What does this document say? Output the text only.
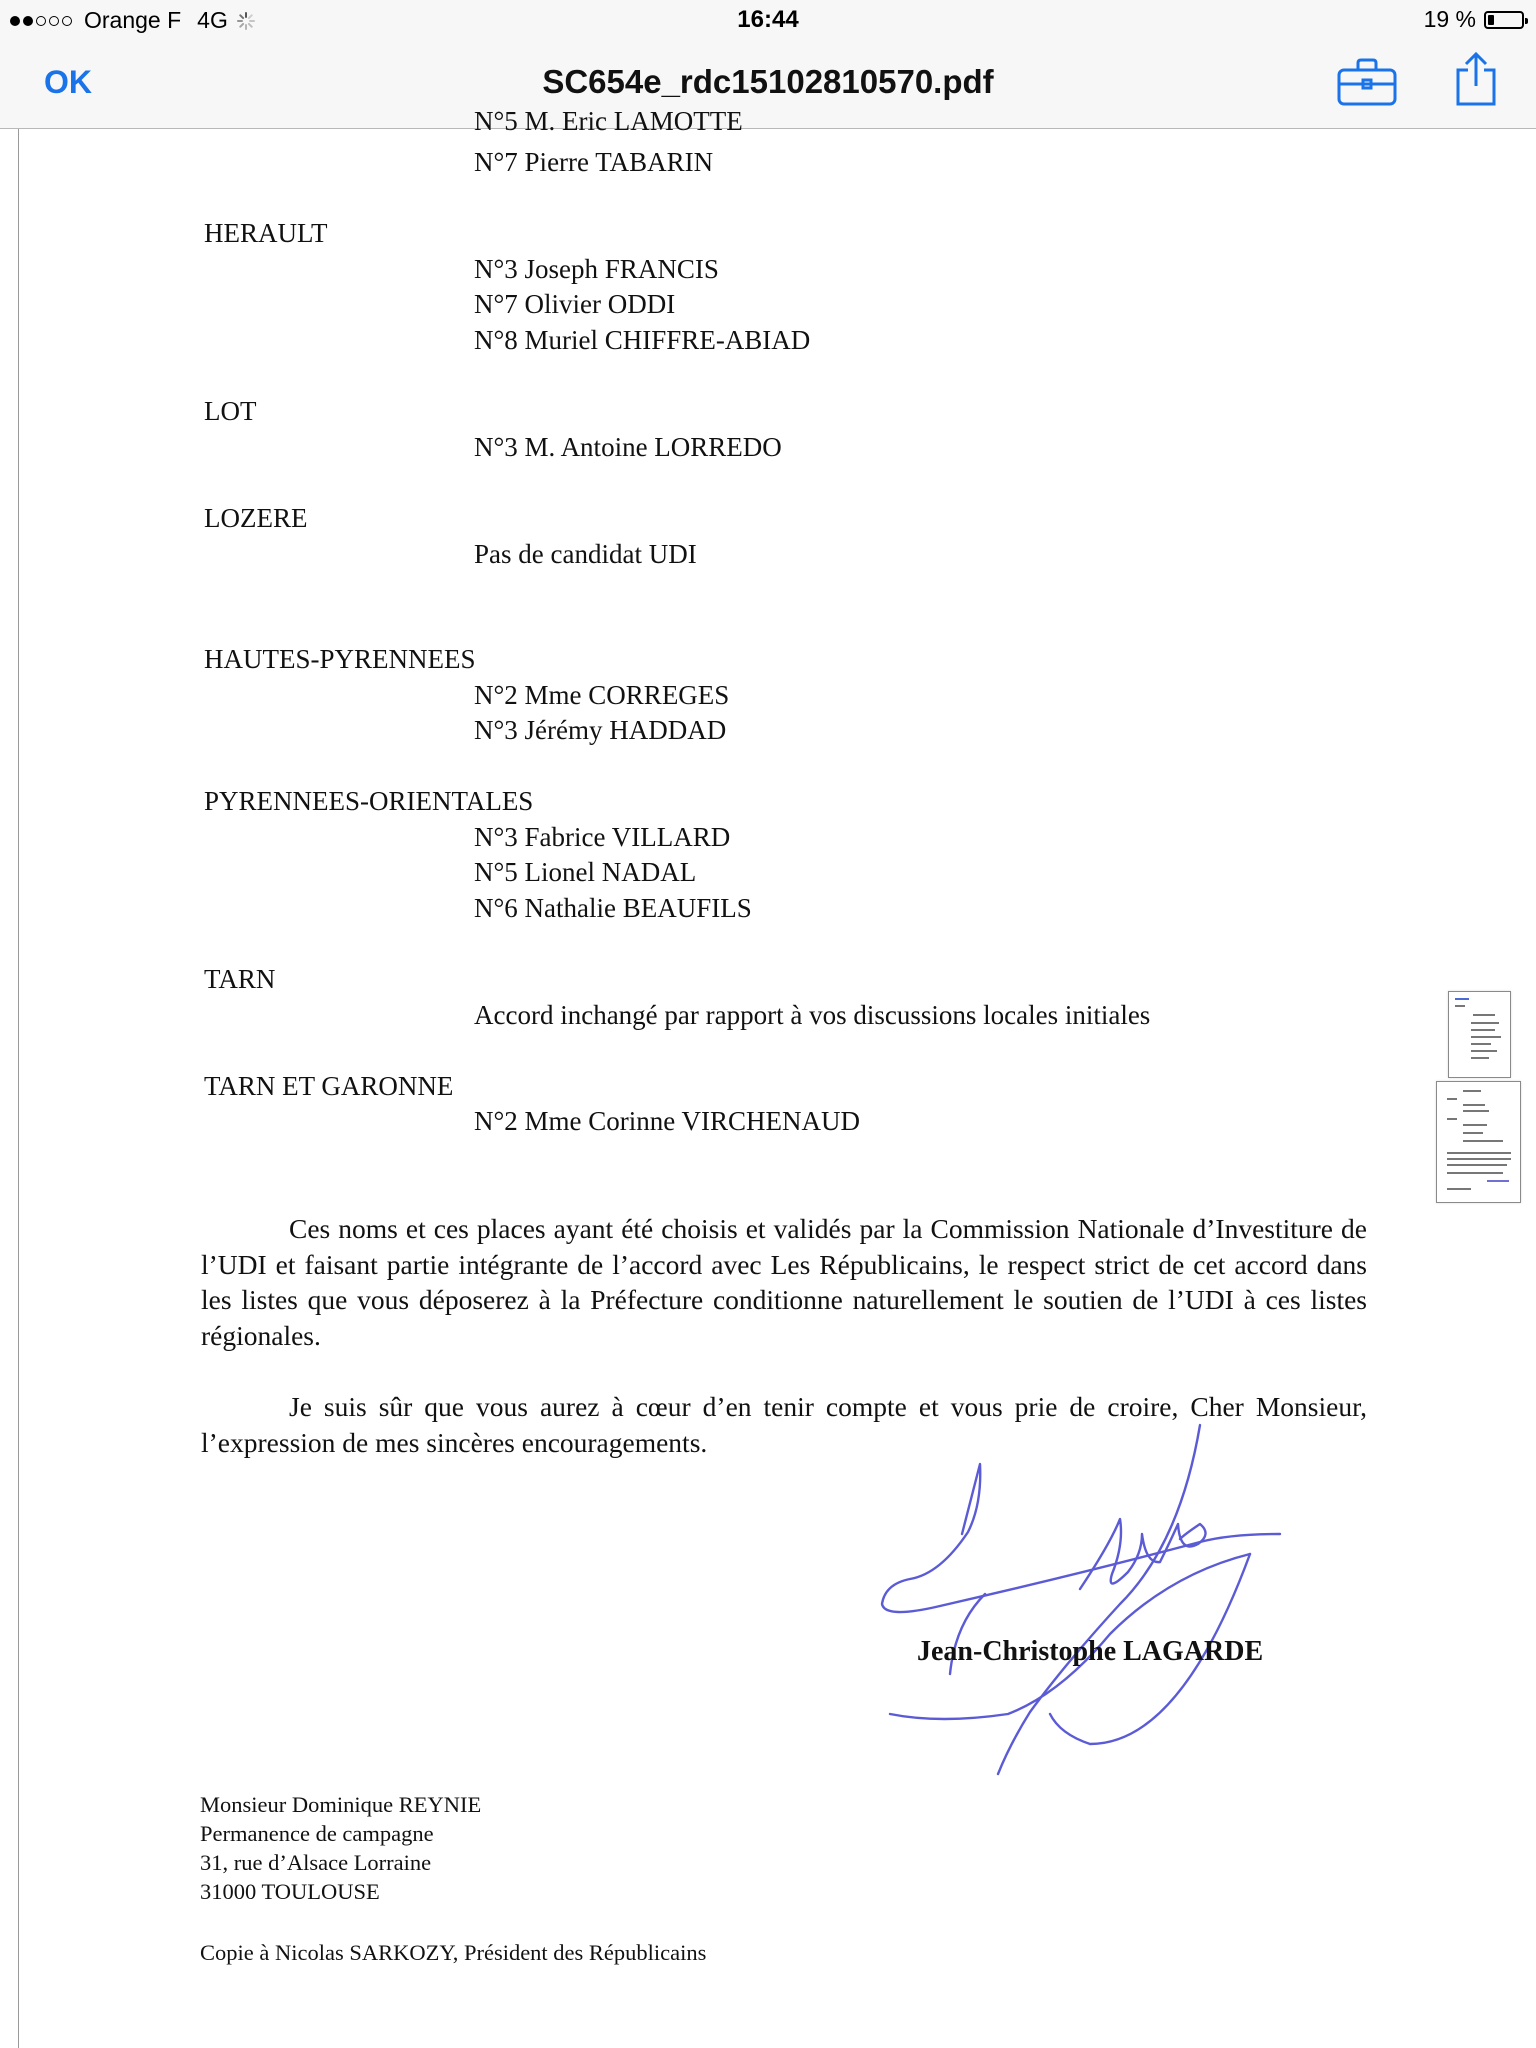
Orange F 4G	16:44	19 %
OK	SC654e_rdc15102810570.pdf
N°5 M. Eric LAMOTTE
N°7 Pierre TABARIN
HERAULT
N°3 Joseph FRANCIS
N°7 Olivier ODDI
N°8 Muriel CHIFFRE-ABIAD
LOT
N°3 M. Antoine LORREDO
LOZERE
Pas de candidat UDI
HAUTES-PYRENNEES
N°2 Mme CORREGES
N°3 Jérémy HADDAD
PYRENNEES-ORIENTALES
N°3 Fabrice VILLARD
N°5 Lionel NADAL
N°6 Nathalie BEAUFILS
TARN
Accord inchangé par rapport à vos discussions locales initiales
TARN ET GARONNE
N°2 Mme Corinne VIRCHENAUD
Ces noms et ces places ayant été choisis et validés par la Commission Nationale d’Investiture de l’UDI et faisant partie intégrante de l’accord avec Les Républicains, le respect strict de cet accord dans les listes que vous déposerez à la Préfecture conditionne naturellement le soutien de l’UDI à ces listes régionales.
Je suis sûr que vous aurez à cœur d’en tenir compte et vous prie de croire, Cher Monsieur, l’expression de mes sincères encouragements.
Jean-Christophe LAGARDE
Monsieur Dominique REYNIE
Permanence de campagne
31, rue d’Alsace Lorraine
31000 TOULOUSE
Copie à Nicolas SARKOZY, Président des Républicains
